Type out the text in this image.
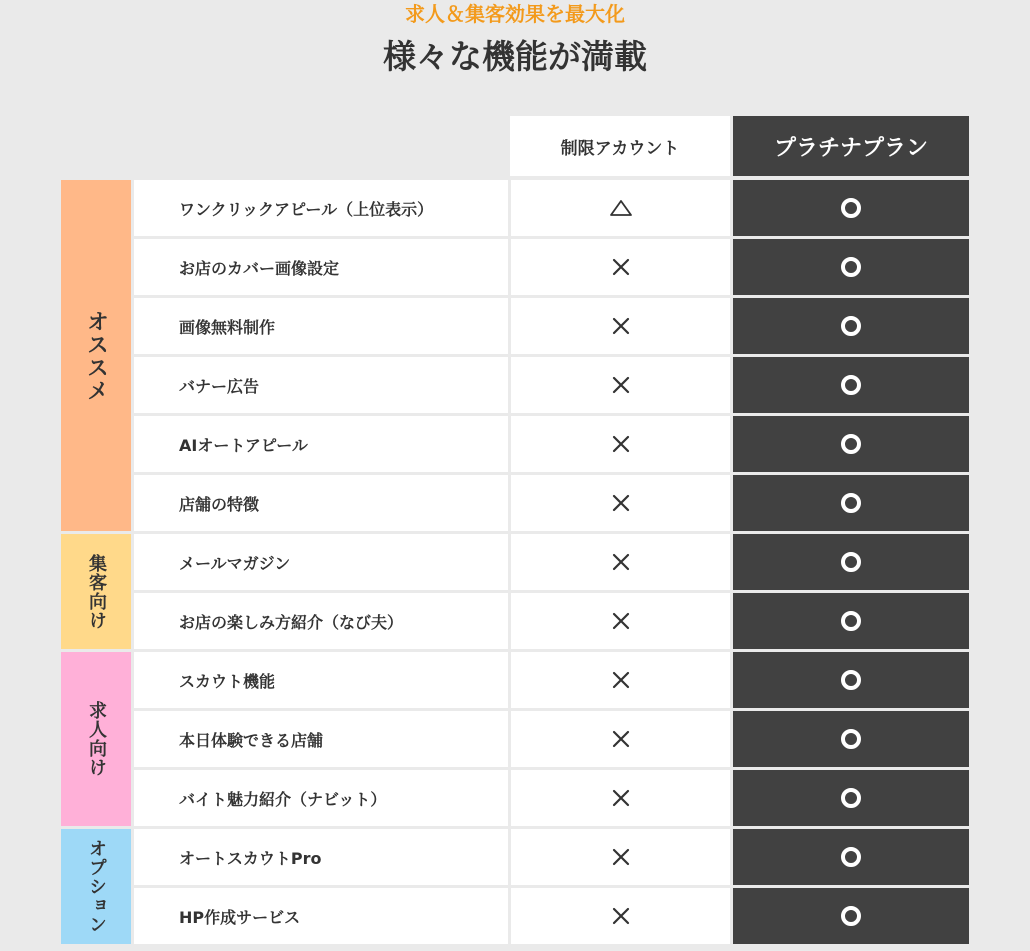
求人＆集客効果を最大化
様々な機能が満載
制限アカウント	プラチナプラン
オススメ
集客向け
求人向け
オプション
ワンクリックアピール（上位表示）
お店のカバー画像設定
画像無料制作
バナー広告
AIオートアピール
店舗の特徴
メールマガジン
お店の楽しみ方紹介（なび夫）
スカウト機能
本日体験できる店舗
バイト魅力紹介（ナビット）
オートスカウトPro
HP作成サービス
